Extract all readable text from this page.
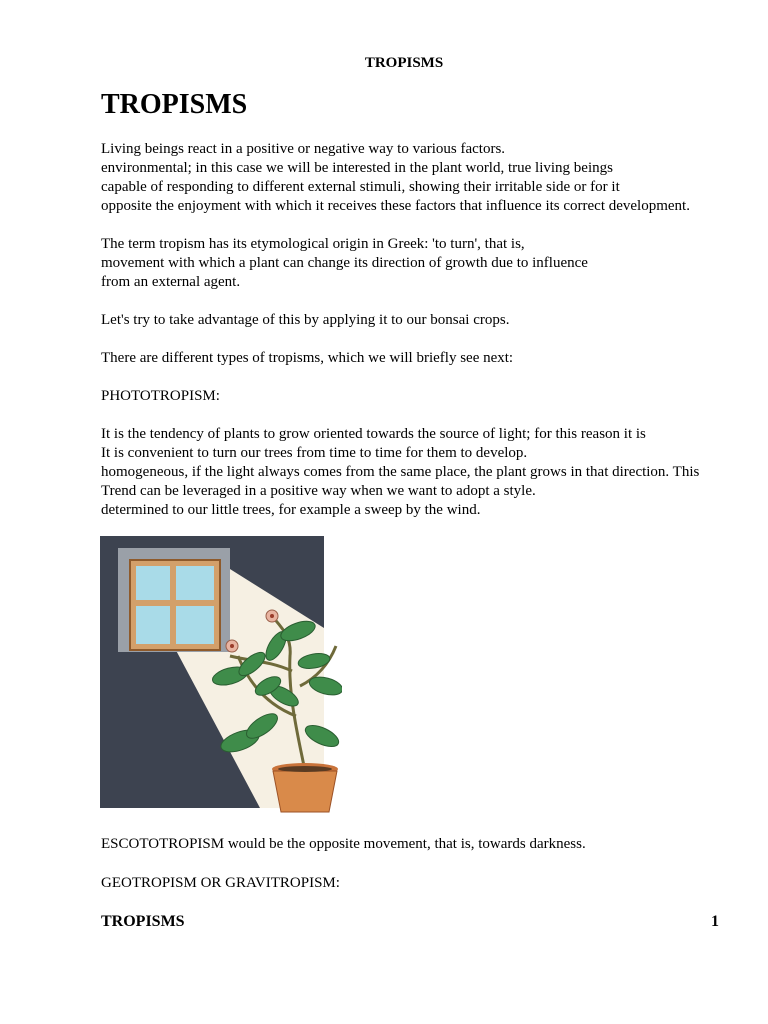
TROPISMS
TROPISMS
Living beings react in a positive or negative way to various factors.
environmental; in this case we will be interested in the plant world, true living beings
capable of responding to different external stimuli, showing their irritable side or for it
opposite the enjoyment with which it receives these factors that influence its correct development.
The term tropism has its etymological origin in Greek: 'to turn', that is,
movement with which a plant can change its direction of growth due to influence
from an external agent.
Let's try to take advantage of this by applying it to our bonsai crops.
There are different types of tropisms, which we will briefly see next:
PHOTOTROPISM:
It is the tendency of plants to grow oriented towards the source of light; for this reason it is
It is convenient to turn our trees from time to time for them to develop.
homogeneous, if the light always comes from the same place, the plant grows in that direction. This
Trend can be leveraged in a positive way when we want to adopt a style.
determined to our little trees, for example a sweep by the wind.
ESCOTOTROPISM would be the opposite movement, that is, towards darkness.
GEOTROPISM OR GRAVITROPISM:
TROPISMS	1
